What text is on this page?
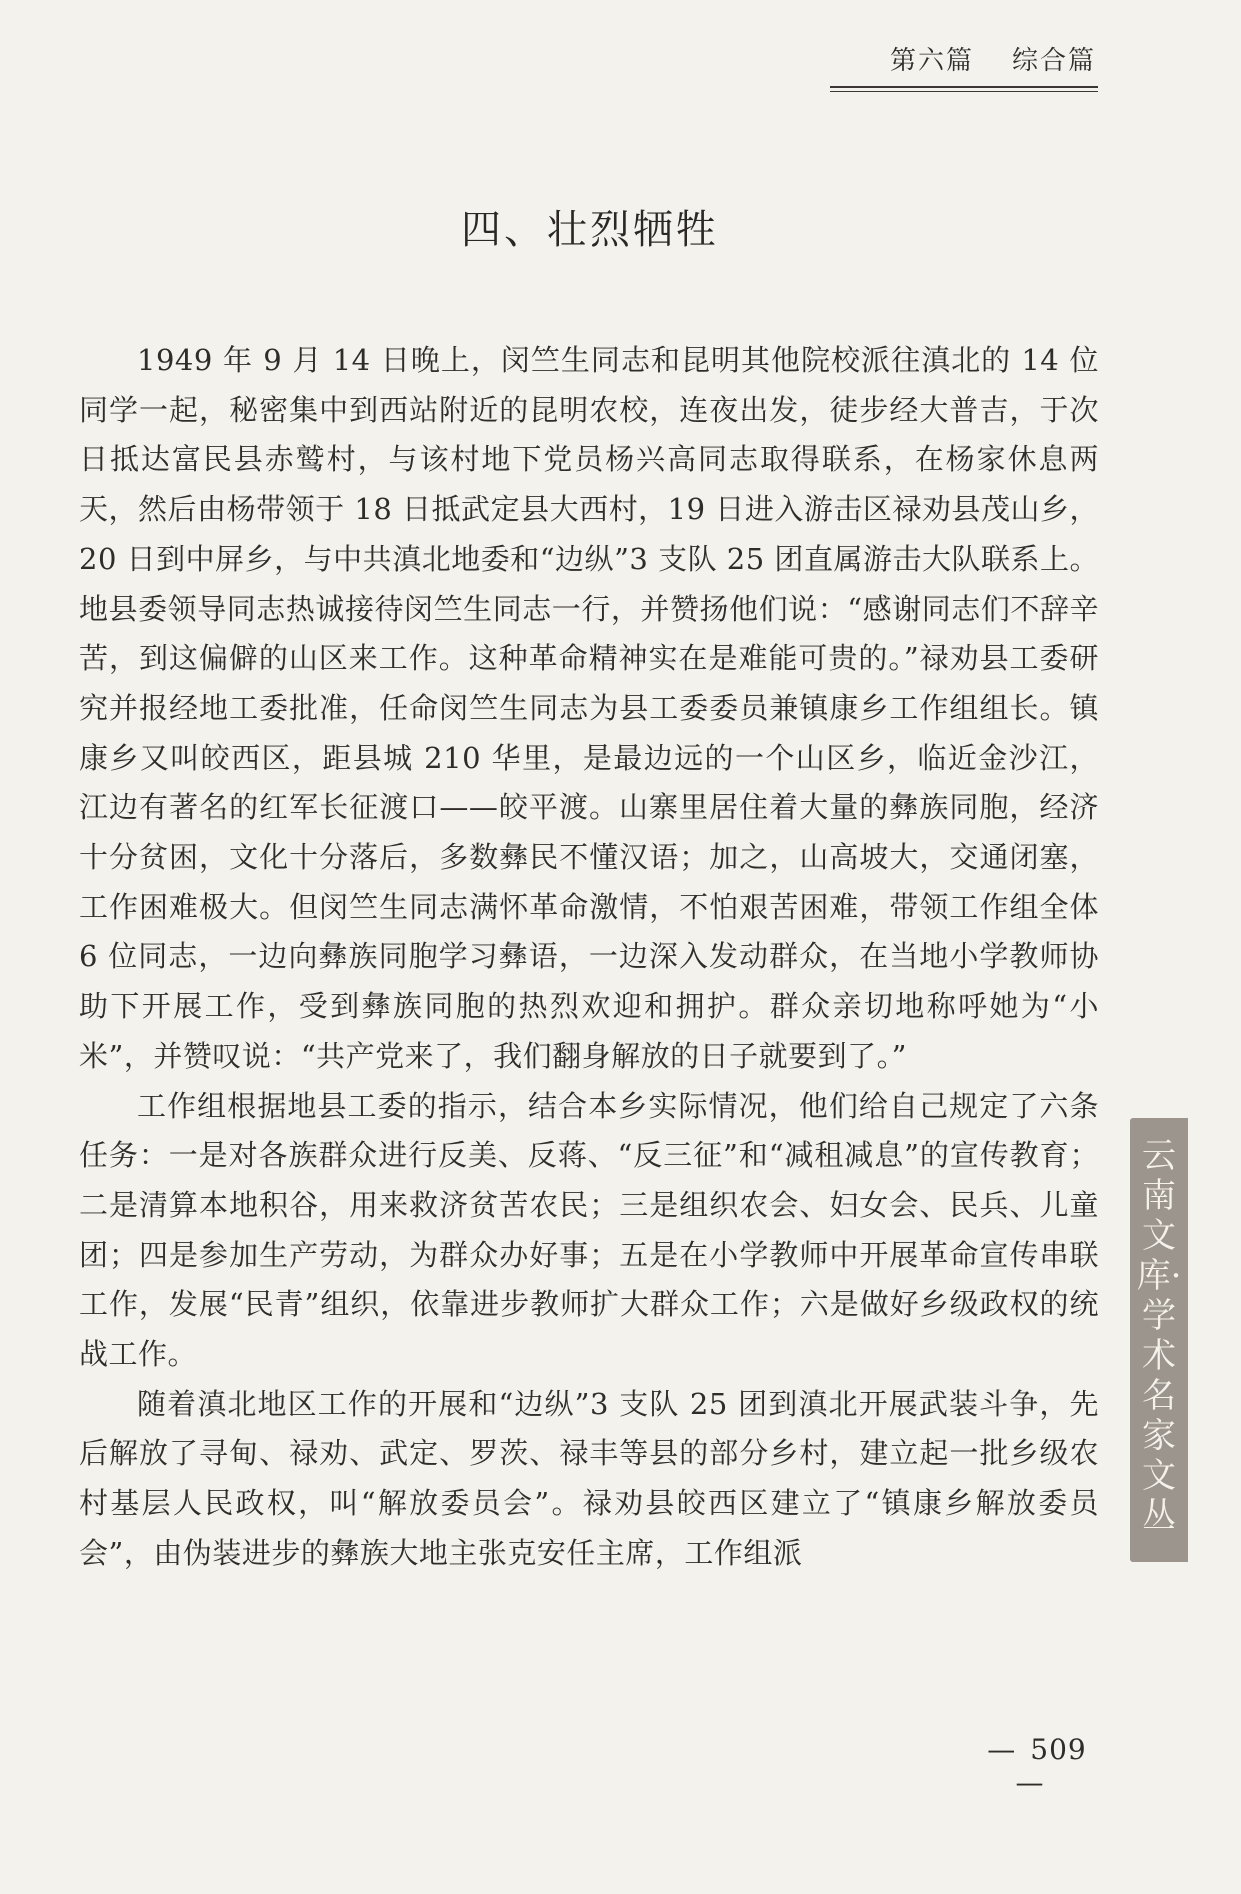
第六篇 综合篇
四、壮烈牺牲

1949 年 9 月 14 日晚上，闵竺生同志和昆明其他院校派往滇北的 14 位同学一起，秘密集中到西站附近的昆明农校，连夜出发，徒步经大普吉，于次日抵达富民县赤鹫村，与该村地下党员杨兴高同志取得联系，在杨家休息两天，然后由杨带领于 18 日抵武定县大西村，19 日进入游击区禄劝县茂山乡，20 日到中屏乡，与中共滇北地委和“边纵”3 支队 25 团直属游击大队联系上。地县委领导同志热诚接待闵竺生同志一行，并赞扬他们说：“感谢同志们不辞辛苦，到这偏僻的山区来工作。这种革命精神实在是难能可贵的。”禄劝县工委研究并报经地工委批准，任命闵竺生同志为县工委委员兼镇康乡工作组组长。镇康乡又叫皎西区，距县城 210 华里，是最边远的一个山区乡，临近金沙江，江边有著名的红军长征渡口——皎平渡。山寨里居住着大量的彝族同胞，经济十分贫困，文化十分落后，多数彝民不懂汉语；加之，山高坡大，交通闭塞，工作困难极大。但闵竺生同志满怀革命激情，不怕艰苦困难，带领工作组全体 6 位同志，一边向彝族同胞学习彝语，一边深入发动群众，在当地小学教师协助下开展工作，受到彝族同胞的热烈欢迎和拥护。群众亲切地称呼她为“小米”，并赞叹说：“共产党来了，我们翻身解放的日子就要到了。”

工作组根据地县工委的指示，结合本乡实际情况，他们给自己规定了六条任务：一是对各族群众进行反美、反蒋、“反三征”和“减租减息”的宣传教育；二是清算本地积谷，用来救济贫苦农民；三是组织农会、妇女会、民兵、儿童团；四是参加生产劳动，为群众办好事；五是在小学教师中开展革命宣传串联工作，发展“民青”组织，依靠进步教师扩大群众工作；六是做好乡级政权的统战工作。

随着滇北地区工作的开展和“边纵”3 支队 25 团到滇北开展武装斗争，先后解放了寻甸、禄劝、武定、罗茨、禄丰等县的部分乡村，建立起一批乡级农村基层人民政权，叫“解放委员会”。禄劝县皎西区建立了“镇康乡解放委员会”，由伪装进步的彝族大地主张克安任主席，工作组派

云南文库·学术名家文丛
— 509—
